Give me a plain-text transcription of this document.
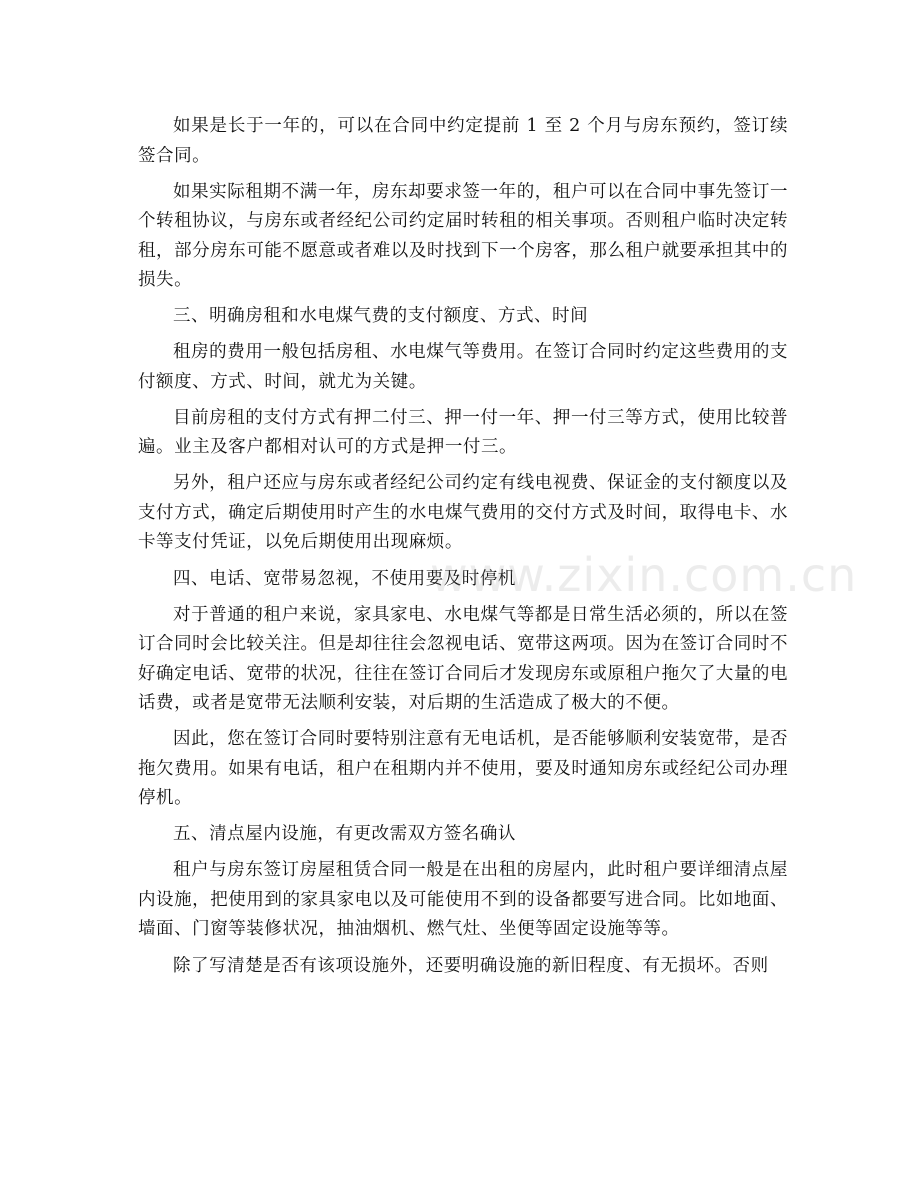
如果是长于一年的，可以在合同中约定提前 1 至 2 个月与房东预约，签订续签合同。

如果实际租期不满一年，房东却要求签一年的，租户可以在合同中事先签订一个转租协议，与房东或者经纪公司约定届时转租的相关事项。否则租户临时决定转租，部分房东可能不愿意或者难以及时找到下一个房客，那么租户就要承担其中的损失。

三、明确房租和水电煤气费的支付额度、方式、时间

租房的费用一般包括房租、水电煤气等费用。在签订合同时约定这些费用的支付额度、方式、时间，就尤为关键。

目前房租的支付方式有押二付三、押一付一年、押一付三等方式，使用比较普遍。业主及客户都相对认可的方式是押一付三。

另外，租户还应与房东或者经纪公司约定有线电视费、保证金的支付额度以及支付方式，确定后期使用时产生的水电煤气费用的交付方式及时间，取得电卡、水卡等支付凭证，以免后期使用出现麻烦。

四、电话、宽带易忽视，不使用要及时停机

对于普通的租户来说，家具家电、水电煤气等都是日常生活必须的，所以在签订合同时会比较关注。但是却往往会忽视电话、宽带这两项。因为在签订合同时不好确定电话、宽带的状况，往往在签订合同后才发现房东或原租户拖欠了大量的电话费，或者是宽带无法顺利安装，对后期的生活造成了极大的不便。

因此，您在签订合同时要特别注意有无电话机，是否能够顺利安装宽带，是否拖欠费用。如果有电话，租户在租期内并不使用，要及时通知房东或经纪公司办理停机。

五、清点屋内设施，有更改需双方签名确认

租户与房东签订房屋租赁合同一般是在出租的房屋内，此时租户要详细清点屋内设施，把使用到的家具家电以及可能使用不到的设备都要写进合同。比如地面、墙面、门窗等装修状况，抽油烟机、燃气灶、坐便等固定设施等等。

除了写清楚是否有该项设施外，还要明确设施的新旧程度、有无损坏。否则

www.zixin.com.cn
